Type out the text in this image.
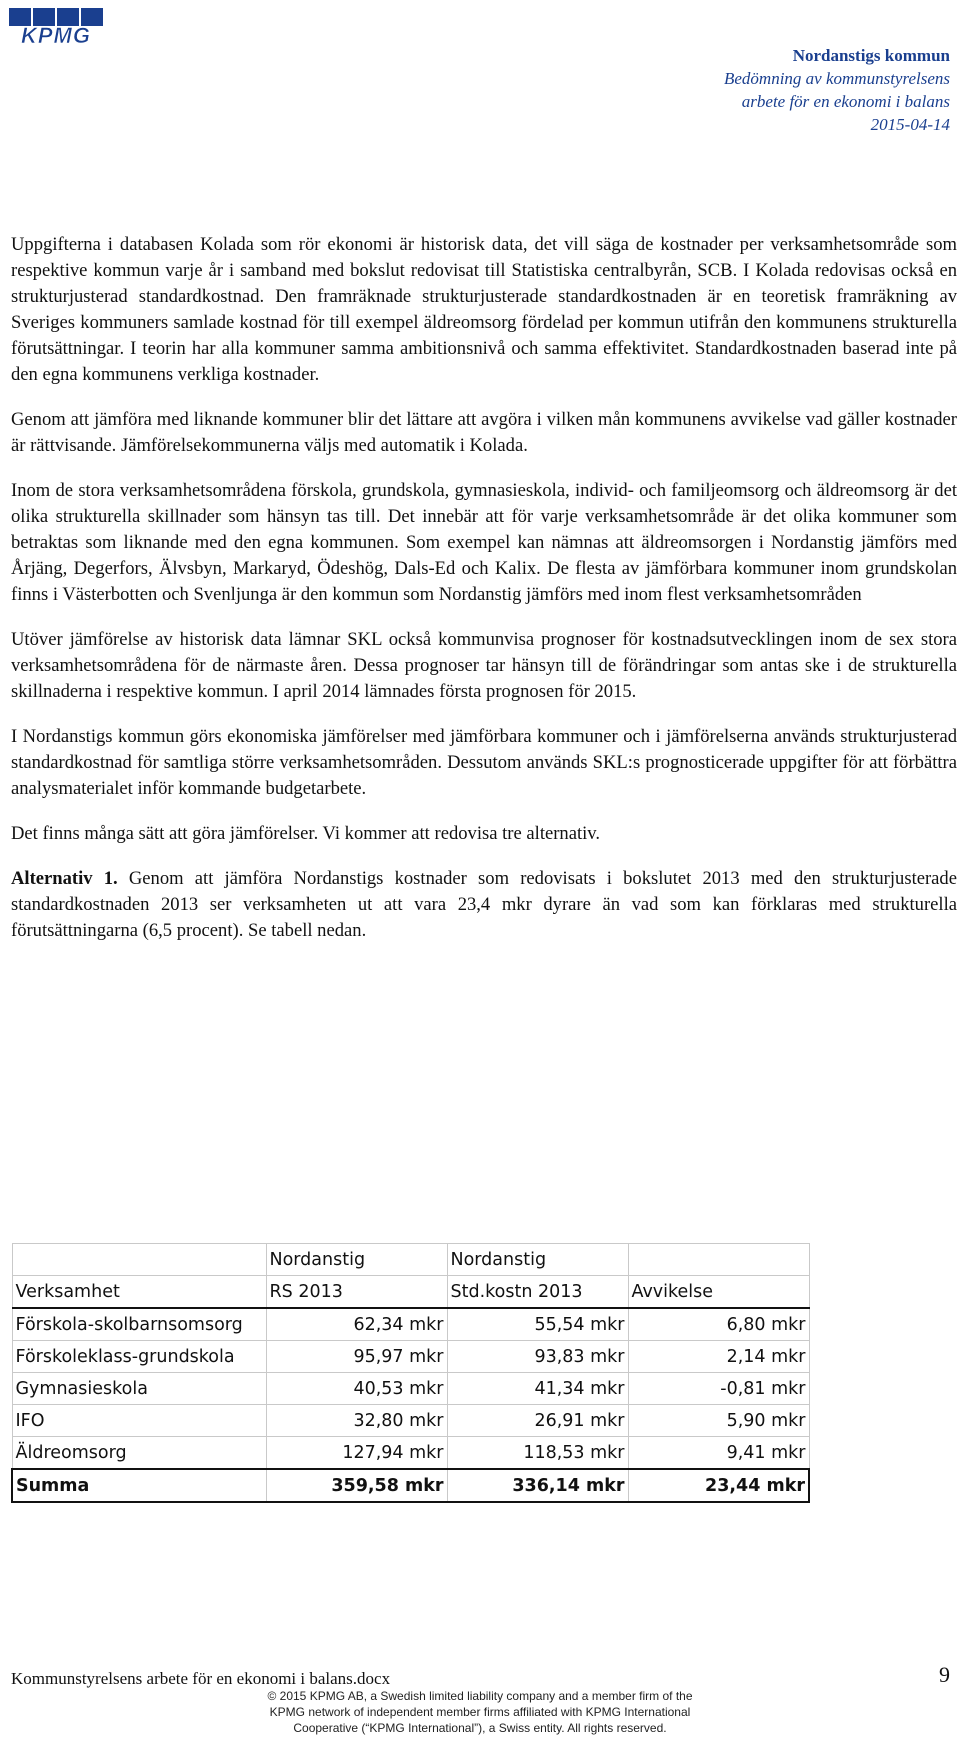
KPMG
Nordanstigs kommun
Bedömning av kommunstyrelsens
arbete för en ekonomi i balans
2015-04-14

Uppgifterna i databasen Kolada som rör ekonomi är historisk data, det vill säga de kostnader per verksamhetsområde som respektive kommun varje år i samband med bokslut redovisat till Statistiska centralbyrån, SCB. I Kolada redovisas också en strukturjusterad standardkostnad. Den framräknade strukturjusterade standardkostnaden är en teoretisk framräkning av Sveriges kommuners samlade kostnad för till exempel äldreomsorg fördelad per kommun utifrån den kommunens strukturella förutsättningar. I teorin har alla kommuner samma ambitionsnivå och samma effektivitet. Standardkostnaden baserad inte på den egna kommunens verkliga kostnader.

Genom att jämföra med liknande kommuner blir det lättare att avgöra i vilken mån kommunens avvikelse vad gäller kostnader är rättvisande. Jämförelsekommunerna väljs med automatik i Kolada.

Inom de stora verksamhetsområdena förskola, grundskola, gymnasieskola, individ- och familjeomsorg och äldreomsorg är det olika strukturella skillnader som hänsyn tas till. Det innebär att för varje verksamhetsområde är det olika kommuner som betraktas som liknande med den egna kommunen. Som exempel kan nämnas att äldreomsorgen i Nordanstig jämförs med Årjäng, Degerfors, Älvsbyn, Markaryd, Ödeshög, Dals-Ed och Kalix. De flesta av jämförbara kommuner inom grundskolan finns i Västerbotten och Svenljunga är den kommun som Nordanstig jämförs med inom flest verksamhetsområden

Utöver jämförelse av historisk data lämnar SKL också kommunvisa prognoser för kostnadsutvecklingen inom de sex stora verksamhetsområdena för de närmaste åren. Dessa prognoser tar hänsyn till de förändringar som antas ske i de strukturella skillnaderna i respektive kommun. I april 2014 lämnades första prognosen för 2015.

I Nordanstigs kommun görs ekonomiska jämförelser med jämförbara kommuner och i jämförelserna används strukturjusterad standardkostnad för samtliga större verksamhetsområden. Dessutom används SKL:s prognosticerade uppgifter för att förbättra analysmaterialet inför kommande budgetarbete.

Det finns många sätt att göra jämförelser. Vi kommer att redovisa tre alternativ.

Alternativ 1. Genom att jämföra Nordanstigs kostnader som redovisats i bokslutet 2013 med den strukturjusterade standardkostnaden 2013 ser verksamheten ut att vara 23,4 mkr dyrare än vad som kan förklaras med strukturella förutsättningarna (6,5 procent). Se tabell nedan.

	Nordanstig	Nordanstig	
Verksamhet	RS 2013	Std.kostn 2013	Avvikelse
Förskola-skolbarnsomsorg	62,34 mkr	55,54 mkr	6,80 mkr
Förskoleklass-grundskola	95,97 mkr	93,83 mkr	2,14 mkr
Gymnasieskola	40,53 mkr	41,34 mkr	-0,81 mkr
IFO	32,80 mkr	26,91 mkr	5,90 mkr
Äldreomsorg	127,94 mkr	118,53 mkr	9,41 mkr
Summa	359,58 mkr	336,14 mkr	23,44 mkr
Kommunstyrelsens arbete för en ekonomi i balans.docx	9
© 2015 KPMG AB, a Swedish limited liability company and a member firm of the
KPMG network of independent member firms affiliated with KPMG International
Cooperative (“KPMG International”), a Swiss entity. All rights reserved.
